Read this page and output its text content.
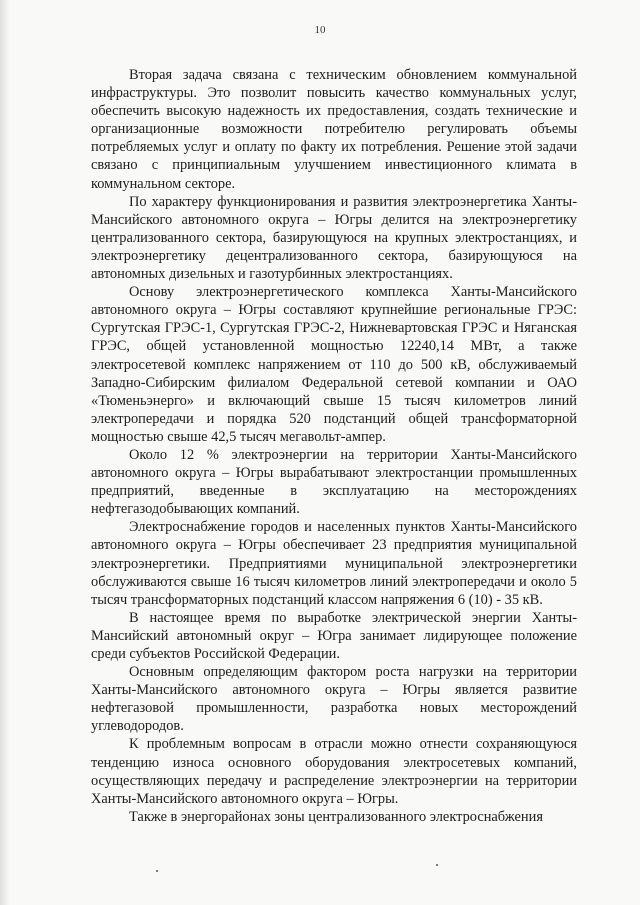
10

Вторая задача связана с техническим обновлением коммунальной инфраструктуры. Это позволит повысить качество коммунальных услуг, обеспечить высокую надежность их предоставления, создать технические и организационные возможности потребителю регулировать объемы потребляемых услуг и оплату по факту их потребления. Решение этой задачи связано с принципиальным улучшением инвестиционного климата в коммунальном секторе.

По характеру функционирования и развития электроэнергетика Ханты-Мансийского автономного округа – Югры делится на электроэнергетику централизованного сектора, базирующуюся на крупных электростанциях, и электроэнергетику децентрализованного сектора, базирующуюся на автономных дизельных и газотурбинных электростанциях.

Основу электроэнергетического комплекса Ханты-Мансийского автономного округа – Югры составляют крупнейшие региональные ГРЭС: Сургутская ГРЭС-1, Сургутская ГРЭС-2, Нижневартовская ГРЭС и Няганская ГРЭС, общей установленной мощностью 12240,14 МВт, а также электросетевой комплекс напряжением от 110 до 500 кВ, обслуживаемый Западно-Сибирским филиалом Федеральной сетевой компании и ОАО «Тюменьэнерго» и включающий свыше 15 тысяч километров линий электропередачи и порядка 520 подстанций общей трансформаторной мощностью свыше 42,5 тысяч мегавольт-ампер.

Около 12 % электроэнергии на территории Ханты-Мансийского автономного округа – Югры вырабатывают электростанции промышленных предприятий, введенные в эксплуатацию на месторождениях нефтегазодобывающих компаний.

Электроснабжение городов и населенных пунктов Ханты-Мансийского автономного округа – Югры обеспечивает 23 предприятия муниципальной электроэнергетики. Предприятиями муниципальной электроэнергетики обслуживаются свыше 16 тысяч километров линий электропередачи и около 5 тысяч трансформаторных подстанций классом напряжения 6 (10) - 35 кВ.

В настоящее время по выработке электрической энергии Ханты-Мансийский автономный округ – Югра занимает лидирующее положение среди субъектов Российской Федерации.

Основным определяющим фактором роста нагрузки на территории Ханты-Мансийского автономного округа – Югры является развитие нефтегазовой промышленности, разработка новых месторождений углеводородов.

К проблемным вопросам в отрасли можно отнести сохраняющуюся тенденцию износа основного оборудования электросетевых компаний, осуществляющих передачу и распределение электроэнергии на территории Ханты-Мансийского автономного округа – Югры.

Также в энергорайонах зоны централизованного электроснабжения
